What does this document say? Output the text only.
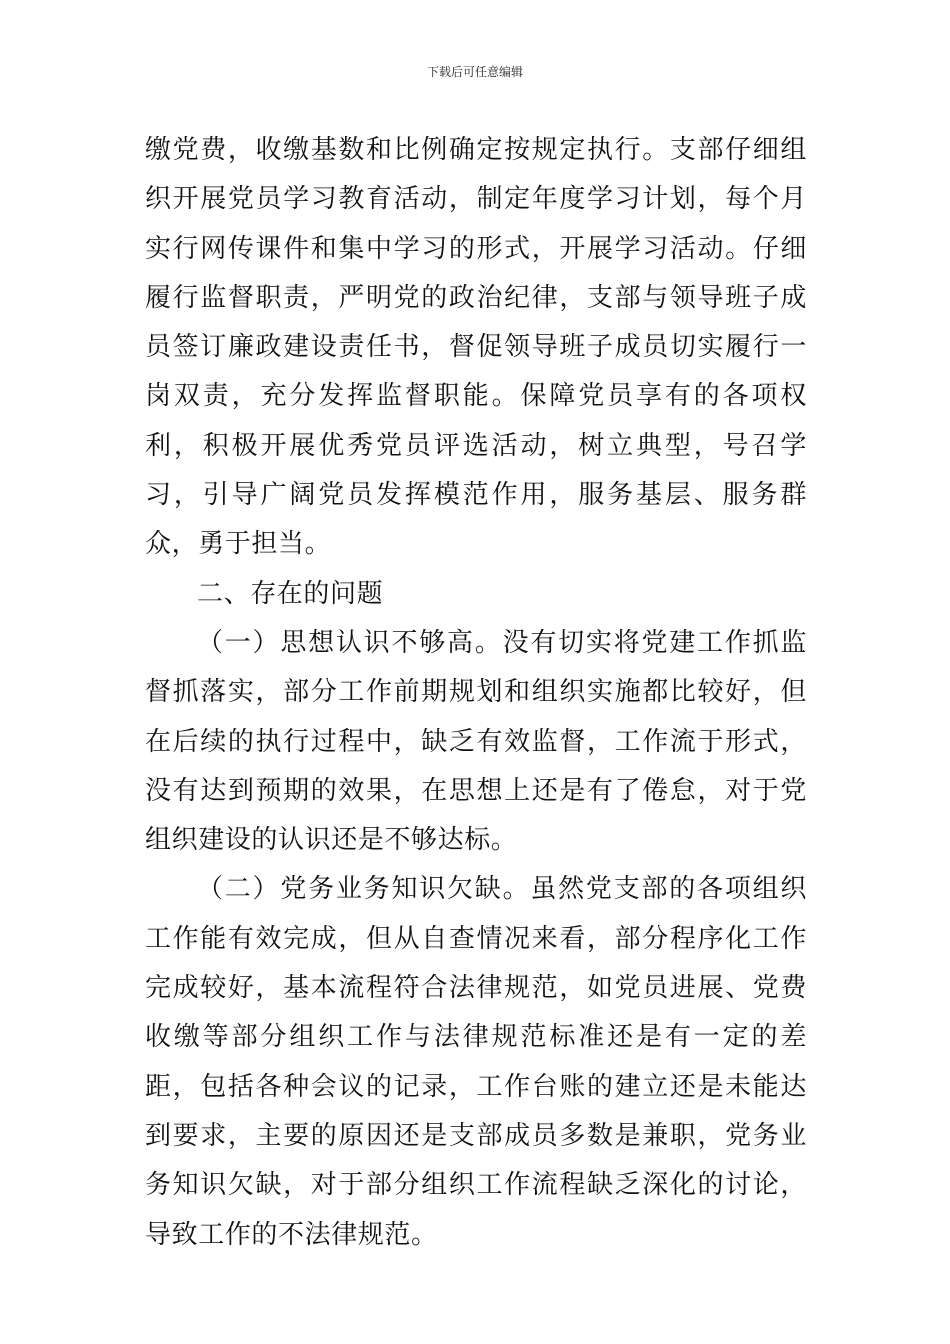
下载后可任意编辑

缴党费，收缴基数和比例确定按规定执行。支部仔细组织开展党员学习教育活动，制定年度学习计划，每个月实行网传课件和集中学习的形式，开展学习活动。仔细履行监督职责，严明党的政治纪律，支部与领导班子成员签订廉政建设责任书，督促领导班子成员切实履行一岗双责，充分发挥监督职能。保障党员享有的各项权利，积极开展优秀党员评选活动，树立典型，号召学习，引导广阔党员发挥模范作用，服务基层、服务群众，勇于担当。

二、存在的问题

（一）思想认识不够高。没有切实将党建工作抓监督抓落实，部分工作前期规划和组织实施都比较好，但在后续的执行过程中，缺乏有效监督，工作流于形式，没有达到预期的效果，在思想上还是有了倦怠，对于党组织建设的认识还是不够达标。

（二）党务业务知识欠缺。虽然党支部的各项组织工作能有效完成，但从自查情况来看，部分程序化工作完成较好，基本流程符合法律规范，如党员进展、党费收缴等部分组织工作与法律规范标准还是有一定的差距，包括各种会议的记录，工作台账的建立还是未能达到要求，主要的原因还是支部成员多数是兼职，党务业务知识欠缺，对于部分组织工作流程缺乏深化的讨论，导致工作的不法律规范。
